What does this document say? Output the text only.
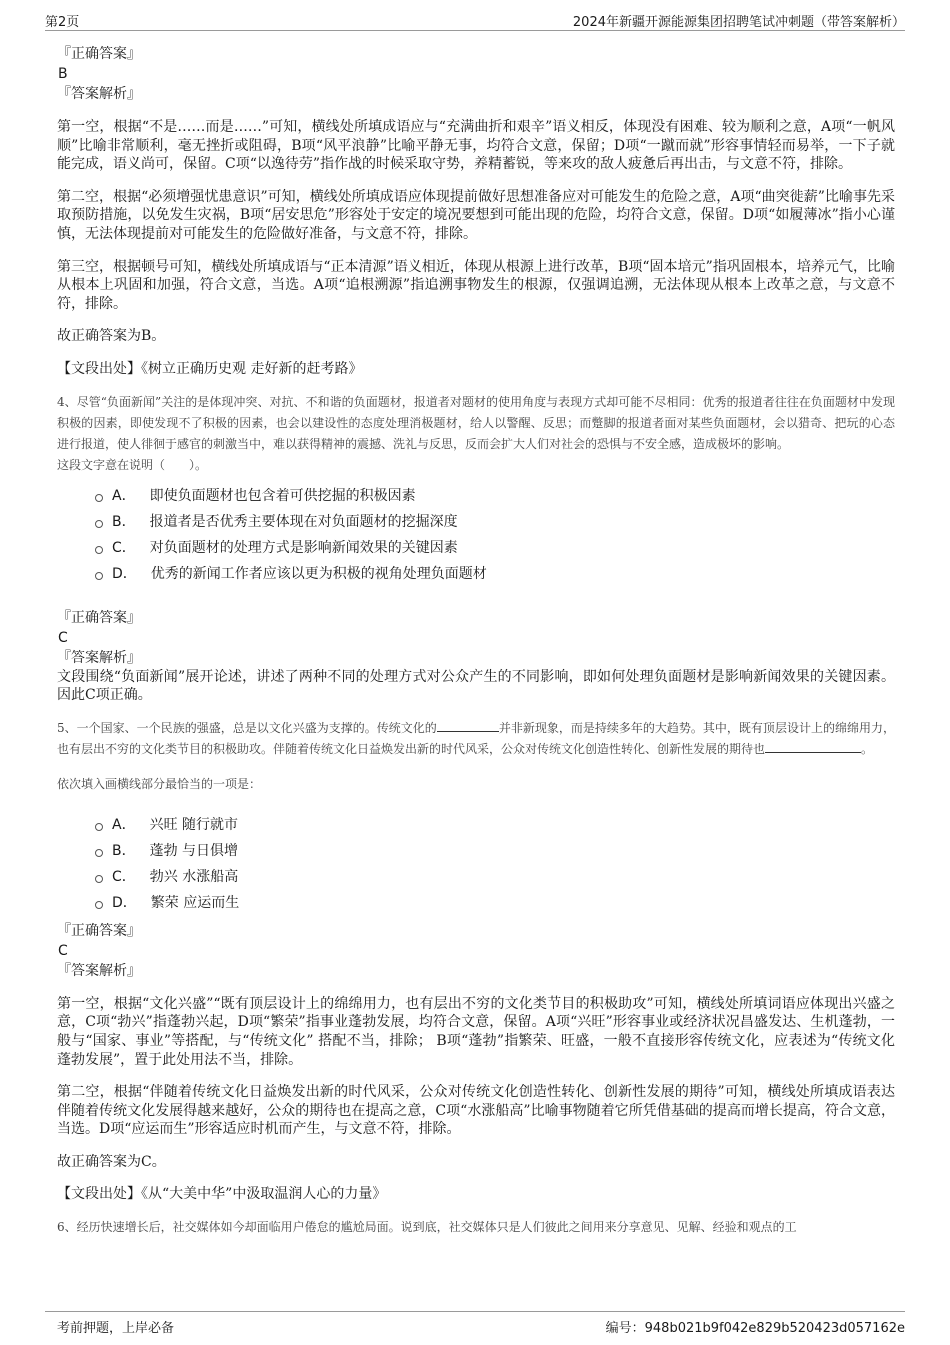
第2页	2024年新疆开源能源集团招聘笔试冲刺题（带答案解析）

『正确答案』

B

『答案解析』

第一空，根据“不是……而是……”可知，横线处所填成语应与“充满曲折和艰辛”语义相反，体现没有困难、较为顺利之意，A项“一帆风顺”比喻非常顺利，毫无挫折或阻碍，B项“风平浪静”比喻平静无事，均符合文意，保留；D项“一蹴而就”形容事情轻而易举，一下子就能完成，语义尚可，保留。C项“以逸待劳”指作战的时候采取守势，养精蓄锐，等来攻的敌人疲惫后再出击，与文意不符，排除。

第二空，根据“必须增强忧患意识”可知，横线处所填成语应体现提前做好思想准备应对可能发生的危险之意，A项“曲突徙薪”比喻事先采取预防措施，以免发生灾祸，B项“居安思危”形容处于安定的境况要想到可能出现的危险，均符合文意，保留。D项“如履薄冰”指小心谨慎，无法体现提前对可能发生的危险做好准备，与文意不符，排除。

第三空，根据顿号可知，横线处所填成语与“正本清源”语义相近，体现从根源上进行改革，B项“固本培元”指巩固根本，培养元气，比喻从根本上巩固和加强，符合文意，当选。A项“追根溯源”指追溯事物发生的根源，仅强调追溯，无法体现从根本上改革之意，与文意不符，排除。

故正确答案为B。

【文段出处】《树立正确历史观 走好新的赶考路》

4、尽管“负面新闻”关注的是体现冲突、对抗、不和谐的负面题材，报道者对题材的使用角度与表现方式却可能不尽相同：优秀的报道者往往在负面题材中发现积极的因素，即使发现不了积极的因素，也会以建设性的态度处理消极题材，给人以警醒、反思；而蹩脚的报道者面对某些负面题材，会以猎奇、把玩的心态进行报道，使人徘徊于感官的刺激当中，难以获得精神的震撼、洗礼与反思，反而会扩大人们对社会的恐惧与不安全感，造成极坏的影响。

这段文字意在说明（　　）。

A． 即使负面题材也包含着可供挖掘的积极因素
B． 报道者是否优秀主要体现在对负面题材的挖掘深度
C． 对负面题材的处理方式是影响新闻效果的关键因素
D． 优秀的新闻工作者应该以更为积极的视角处理负面题材

『正确答案』

C

『答案解析』

文段围绕“负面新闻”展开论述，讲述了两种不同的处理方式对公众产生的不同影响，即如何处理负面题材是影响新闻效果的关键因素。因此C项正确。

5、一个国家、一个民族的强盛，总是以文化兴盛为支撑的。传统文化的	并非新现象，而是持续多年的大趋势。其中，既有顶层设计上的绵绵用力，也有层出不穷的文化类节目的积极助攻。伴随着传统文化日益焕发出新的时代风采，公众对传统文化创造性转化、创新性发展的期待也	。

依次填入画横线部分最恰当的一项是：

A． 兴旺 随行就市
B． 蓬勃 与日俱增
C． 勃兴 水涨船高
D． 繁荣 应运而生

『正确答案』

C

『答案解析』

第一空，根据“文化兴盛”“既有顶层设计上的绵绵用力，也有层出不穷的文化类节目的积极助攻”可知，横线处所填词语应体现出兴盛之意，C项“勃兴”指蓬勃兴起，D项“繁荣”指事业蓬勃发展，均符合文意，保留。A项“兴旺”形容事业或经济状况昌盛发达、生机蓬勃，一般与“国家、事业”等搭配，与“传统文化” 搭配不当，排除； B项“蓬勃”指繁荣、旺盛，一般不直接形容传统文化，应表述为“传统文化蓬勃发展”，置于此处用法不当，排除。

第二空，根据“伴随着传统文化日益焕发出新的时代风采，公众对传统文化创造性转化、创新性发展的期待”可知，横线处所填成语表达伴随着传统文化发展得越来越好，公众的期待也在提高之意，C项“水涨船高”比喻事物随着它所凭借基础的提高而增长提高，符合文意，当选。D项“应运而生”形容适应时机而产生，与文意不符，排除。

故正确答案为C。

【文段出处】《从“大美中华”中汲取温润人心的力量》

6、经历快速增长后，社交媒体如今却面临用户倦怠的尴尬局面。说到底，社交媒体只是人们彼此之间用来分享意见、见解、经验和观点的工

考前押题，上岸必备	编号：948b021b9f042e829b520423d057162e
